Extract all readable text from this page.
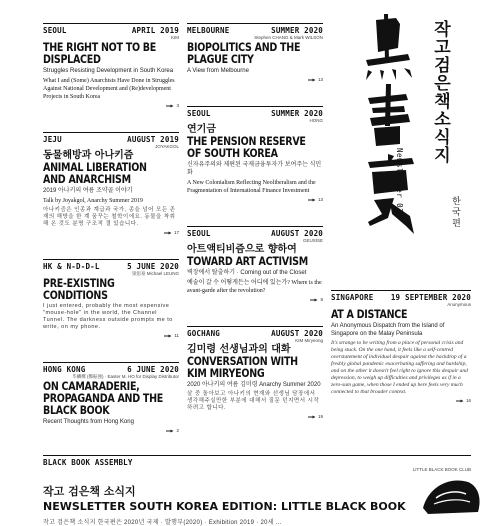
SEOUL	APRIL 2019
KIM
THE RIGHT NOT TO BE DISPLACED
Struggles Resisting Development in South Korea
What I and (Some) Anarchists Have Done in Struggles Against National Development and (Re)development Projects in South Korea
3
JEJU	AUGUST 2019
JOYAKGOL
동물해방과 아나키즘
ANIMAL LIBERATION AND ANARCHISM
2019 아나키의 여름 조약골 이야기
Talk by Joyakgol, Anarchy Summer 2019
아나키즘은 인종과 계급과 국가, 종을 넘어 모든 존재의 해방을 한 계 꿈꾸는 철학이에요. 동물을 착취해 온 것도 분명 구조적 결 있습니다.
17
HK & N-D-D-L	5 JUNE 2020
梁思豪 Michael LEUNG
PRE-EXISTING CONDITIONS
I just entered, probably the most expensive "mouse-hole" in the world, the Channel Tunnel. The darkness outside prompts me to write, on my phone.
11
HONG KONG	6 JUNE 2020
毕鳞鹰 (鄭振強) · Easter M. HO for Display Distributor
ON CAMARADERIE, PROPAGANDA AND THE BLACK BOOK
Recent Thoughts from Hong Kong
2
MELBOURNE	SUMMER 2020
Stephen CHANG & Mark WILSON
BIOPOLITICS AND THE PLAGUE CITY
A View from Melbourne
13
SEOUL	SUMMER 2020
HONG
연기금
THE PENSION RESERVE OF SOUTH KOREA
신자유주의와 제편된 국제금융투자가 보여주는 식민화
A New Colonialism Reflecting Neoliberalism and the Fragmentation of International Finance Investment
13
SEOUL	AUGUST 2020
GEUSISE
아트액티비즘으로 향하여
TOWARD ART ACTIVISM
벽장에서 탈출하기 · Coming out of the Closet
예술이 갈 수 어떻게든는 어디에 있는가? Where is the avant-garde after the revolution?
8
GOCHANG	AUGUST 2020
KIM Miryeong
김미령 선생님과의 대화
CONVERSATION WITH KIM MIRYEONG
2020 아나키의 여름 김미령 Anarchy Summer 2020
살 중 돌아보고 아나키의 현재와 선생님 담장에서 생각해주실만한 부분에 대해서 질문 던지면서 시작하려고 합니다.
19
SINGAPORE 19 SEPTEMBER 2020
Anonymous
AT A DISTANCE
An Anonymous Dispatch from the Island of Singapore on the Malay Peninsula
It's strange to be writing from a place of personal crisis and being stuck. On the one hand, it feels like a self-centred overstatement of individual despair against the backdrop of a freshly global pandemic exacerbating suffering and hardship, and on the other it doesn't feel right to ignore this despair and depression, to weigh up difficulties and privileges as if in a zero-sum game, when those I ended up here feels very much connected to that broader context.
16
작고검은책소식지
Newsletter 02	한국편
BLACK BOOK ASSEMBLY
LITTLE BLACK BOOK CLUB
작고 검은책 소식지
NEWSLETTER SOUTH KOREA EDITION: LITTLE BLACK BOOK
작고 검은책 소식지 한국편은 2020년 국제 · 발행부(2020) · Exhibition 2019 · 20세 ...
